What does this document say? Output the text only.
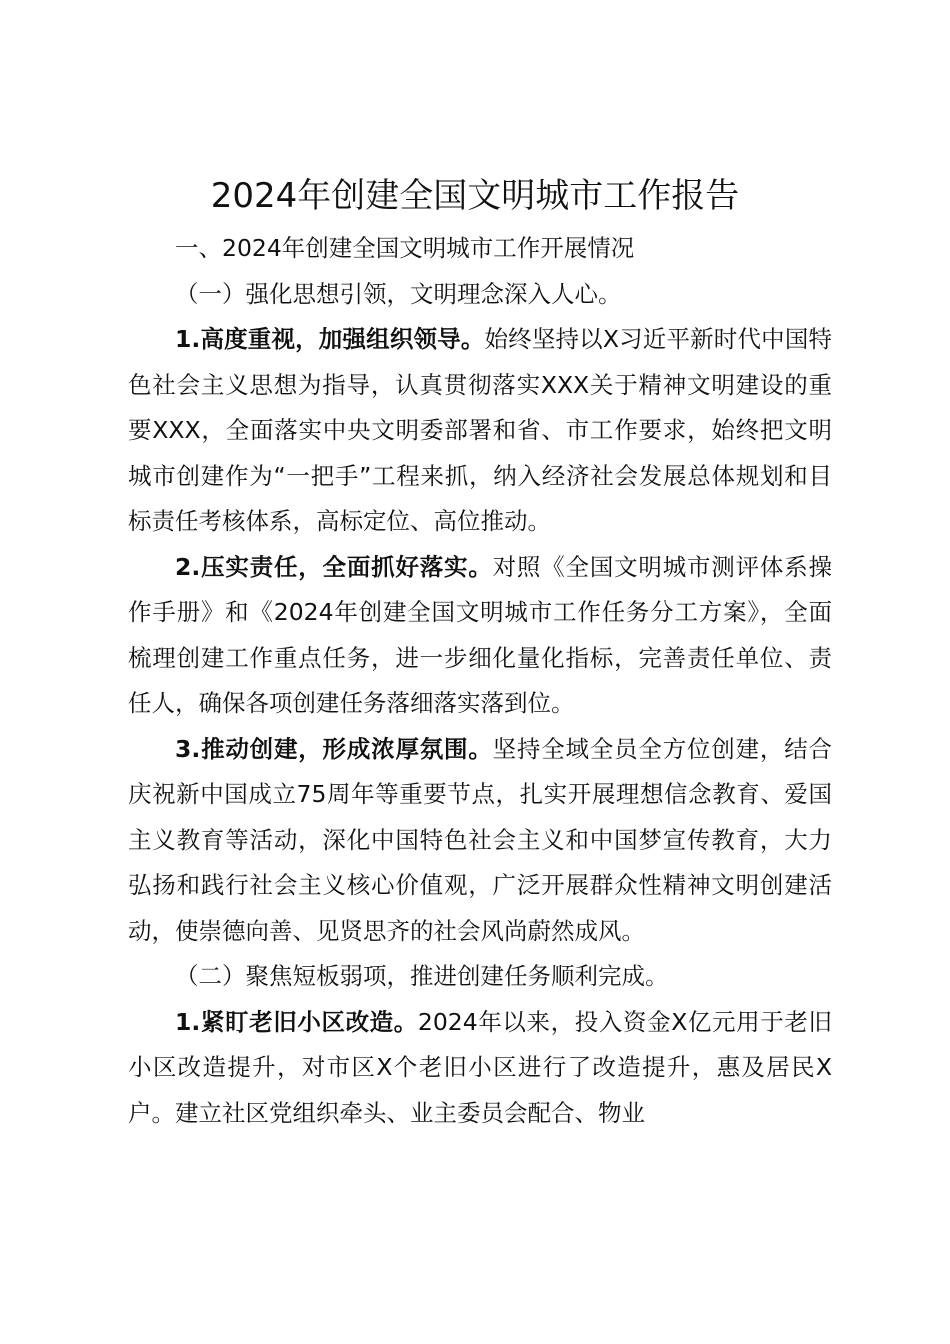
2024年创建全国文明城市工作报告

一、2024年创建全国文明城市工作开展情况

（一）强化思想引领，文明理念深入人心。

1.高度重视，加强组织领导。始终坚持以X习近平新时代中国特色社会主义思想为指导，认真贯彻落实XXX关于精神文明建设的重要XXX，全面落实中央文明委部署和省、市工作要求，始终把文明城市创建作为“一把手”工程来抓，纳入经济社会发展总体规划和目标责任考核体系，高标定位、高位推动。

2.压实责任，全面抓好落实。对照《全国文明城市测评体系操作手册》和《2024年创建全国文明城市工作任务分工方案》，全面梳理创建工作重点任务，进一步细化量化指标，完善责任单位、责任人，确保各项创建任务落细落实落到位。

3.推动创建，形成浓厚氛围。坚持全域全员全方位创建，结合庆祝新中国成立75周年等重要节点，扎实开展理想信念教育、爱国主义教育等活动，深化中国特色社会主义和中国梦宣传教育，大力弘扬和践行社会主义核心价值观，广泛开展群众性精神文明创建活动，使崇德向善、见贤思齐的社会风尚蔚然成风。

（二）聚焦短板弱项，推进创建任务顺利完成。

1.紧盯老旧小区改造。2024年以来，投入资金X亿元用于老旧小区改造提升，对市区X个老旧小区进行了改造提升，惠及居民X户。建立社区党组织牵头、业主委员会配合、物业
